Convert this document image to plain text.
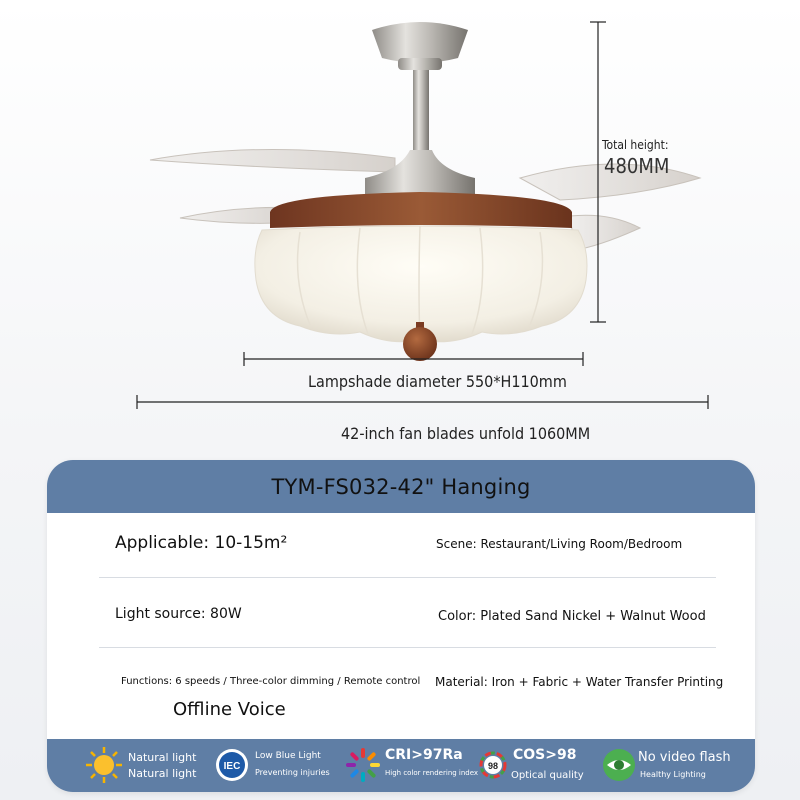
Total height:
480MM
Lampshade diameter 550*H110mm
42-inch fan blades unfold 1060MM
TYM-FS032-42" Hanging
Applicable: 10-15m²	Scene: Restaurant/Living Room/Bedroom
Light source: 80W	Color: Plated Sand Nickel + Walnut Wood
Functions: 6 speeds / Three-color dimming / Remote control
Offline Voice
Material: Iron + Fabric + Water Transfer Printing
Natural light
Natural light
IEC
Low Blue Light
Preventing injuries
CRI>97Ra
High color rendering index
98
COS>98
Optical quality
No video flash
Healthy Lighting
